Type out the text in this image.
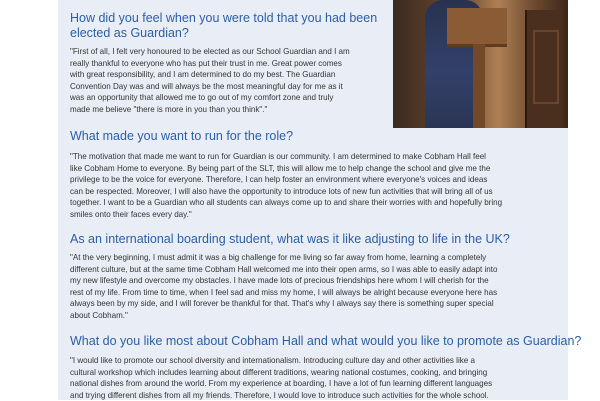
How did you feel when you were told that you had been
elected as Guardian?
"First of all, I felt very honoured to be elected as our School Guardian and I am
really thankful to everyone who has put their trust in me. Great power comes
with great responsibility, and I am determined to do my best. The Guardian
Convention Day was and will always be the most meaningful day for me as it
was an opportunity that allowed me to go out of my comfort zone and truly
made me believe "there is more in you than you think"."
What made you want to run for the role?
"The motivation that made me want to run for Guardian is our community. I am determined to make Cobham Hall feel
like Cobham Home to everyone. By being part of the SLT, this will allow me to help change the school and give me the
privilege to be the voice for everyone. Therefore, I can help foster an environment where everyone's voices and ideas
can be respected. Moreover, I will also have the opportunity to introduce lots of new fun activities that will bring all of us
together. I want to be a Guardian who all students can always come up to and share their worries with and hopefully bring
smiles onto their faces every day."
As an international boarding student, what was it like adjusting to life in the UK?
"At the very beginning, I must admit it was a big challenge for me living so far away from home, learning a completely
different culture, but at the same time Cobham Hall welcomed me into their open arms, so I was able to easily adapt into
my new lifestyle and overcome my obstacles. I have made lots of precious friendships here whom I will cherish for the
rest of my life. From time to time, when I feel sad and miss my home, I will always be alright because everyone here has
always been by my side, and I will forever be thankful for that. That's why I always say there is something super special
about Cobham."
What do you like most about Cobham Hall and what would you like to promote as Guardian?
"I would like to promote our school diversity and internationalism. Introducing culture day and other activities like a
cultural workshop which includes learning about different traditions, wearing national costumes, cooking, and bringing
national dishes from around the world. From my experience at boarding, I have a lot of fun learning different languages
and trying different dishes from all my friends. Therefore, I would love to introduce such activities for the whole school.
